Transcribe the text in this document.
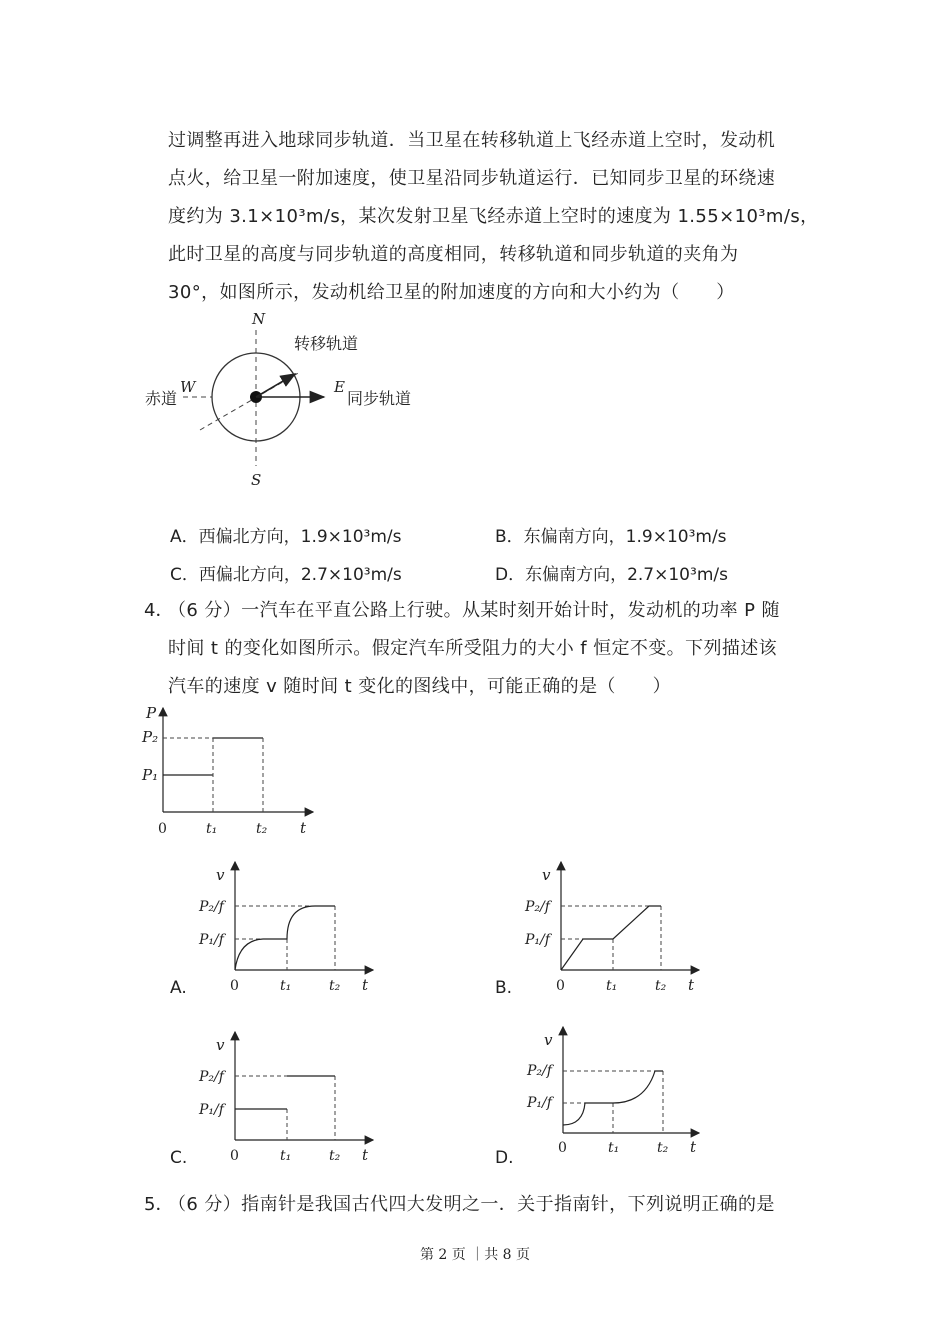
过调整再进入地球同步轨道．当卫星在转移轨道上飞经赤道上空时，发动机
点火，给卫星一附加速度，使卫星沿同步轨道运行．已知同步卫星的环绕速
度约为 3.1×10³m/s，某次发射卫星飞经赤道上空时的速度为 1.55×10³m/s，
此时卫星的高度与同步轨道的高度相同，转移轨道和同步轨道的夹角为
30°，如图所示，发动机给卫星的附加速度的方向和大小约为（　　）
N
S
W	E
赤道
转移轨道
同步轨道
A．西偏北方向，1.9×10³m/s	B．东偏南方向，1.9×10³m/s
C．西偏北方向，2.7×10³m/s	D．东偏南方向，2.7×10³m/s
4．
（6 分）一汽车在平直公路上行驶。从某时刻开始计时，发动机的功率 P 随
时间 t 的变化如图所示。假定汽车所受阻力的大小 f 恒定不变。下列描述该
汽车的速度 v 随时间 t 变化的图线中，可能正确的是（　　）
P
P₂
P₁
0	t₁	t₂ t
v
P₂/f
P₁/f
0	t₁	t₂ t
v
P₂/f
P₁/f
0	t₁	t₂ t
v
P₂/f
P₁/f
0	t₁	t₂ t
v
P₂/f
P₁/f
0	t₁	t₂ t
A.	B.
C.	D.
5．
（6 分）指南针是我国古代四大发明之一．关于指南针，下列说明正确的是
第 2 页 ｜共 8 页
